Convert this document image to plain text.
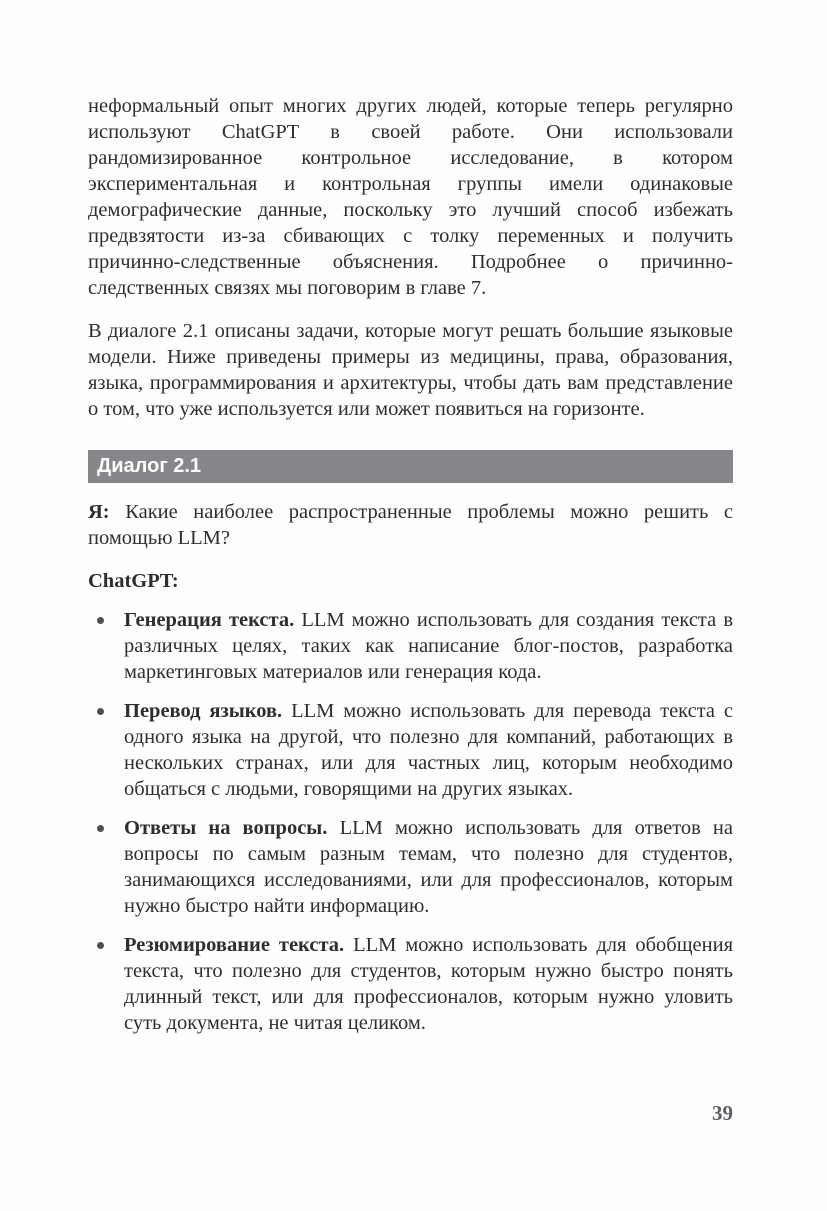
неформальный опыт многих других людей, которые теперь регулярно используют ChatGPT в своей работе. Они использовали рандомизированное контрольное исследование, в котором экспериментальная и контрольная группы имели одинаковые демографические данные, поскольку это лучший способ избежать предвзятости из-за сбивающих с толку переменных и получить причинно-следственные объяснения. Подробнее о причинно-следственных связях мы поговорим в главе 7.

В диалоге 2.1 описаны задачи, которые могут решать большие языковые модели. Ниже приведены примеры из медицины, права, образования, языка, программирования и архитектуры, чтобы дать вам представление о том, что уже используется или может появиться на горизонте.

Диалог 2.1

Я: Какие наиболее распространенные проблемы можно решить с помощью LLM?

ChatGPT:

Генерация текста. LLM можно использовать для создания текста в различных целях, таких как написание блог-постов, разработка маркетинговых материалов или генерация кода.
Перевод языков. LLM можно использовать для перевода текста с одного языка на другой, что полезно для компаний, работающих в нескольких странах, или для частных лиц, которым необходимо общаться с людьми, говорящими на других языках.
Ответы на вопросы. LLM можно использовать для ответов на вопросы по самым разным темам, что полезно для студентов, занимающихся исследованиями, или для профессионалов, которым нужно быстро найти информацию.
Резюмирование текста. LLM можно использовать для обобщения текста, что полезно для студентов, которым нужно быстро понять длинный текст, или для профессионалов, которым нужно уловить суть документа, не читая целиком.
39
